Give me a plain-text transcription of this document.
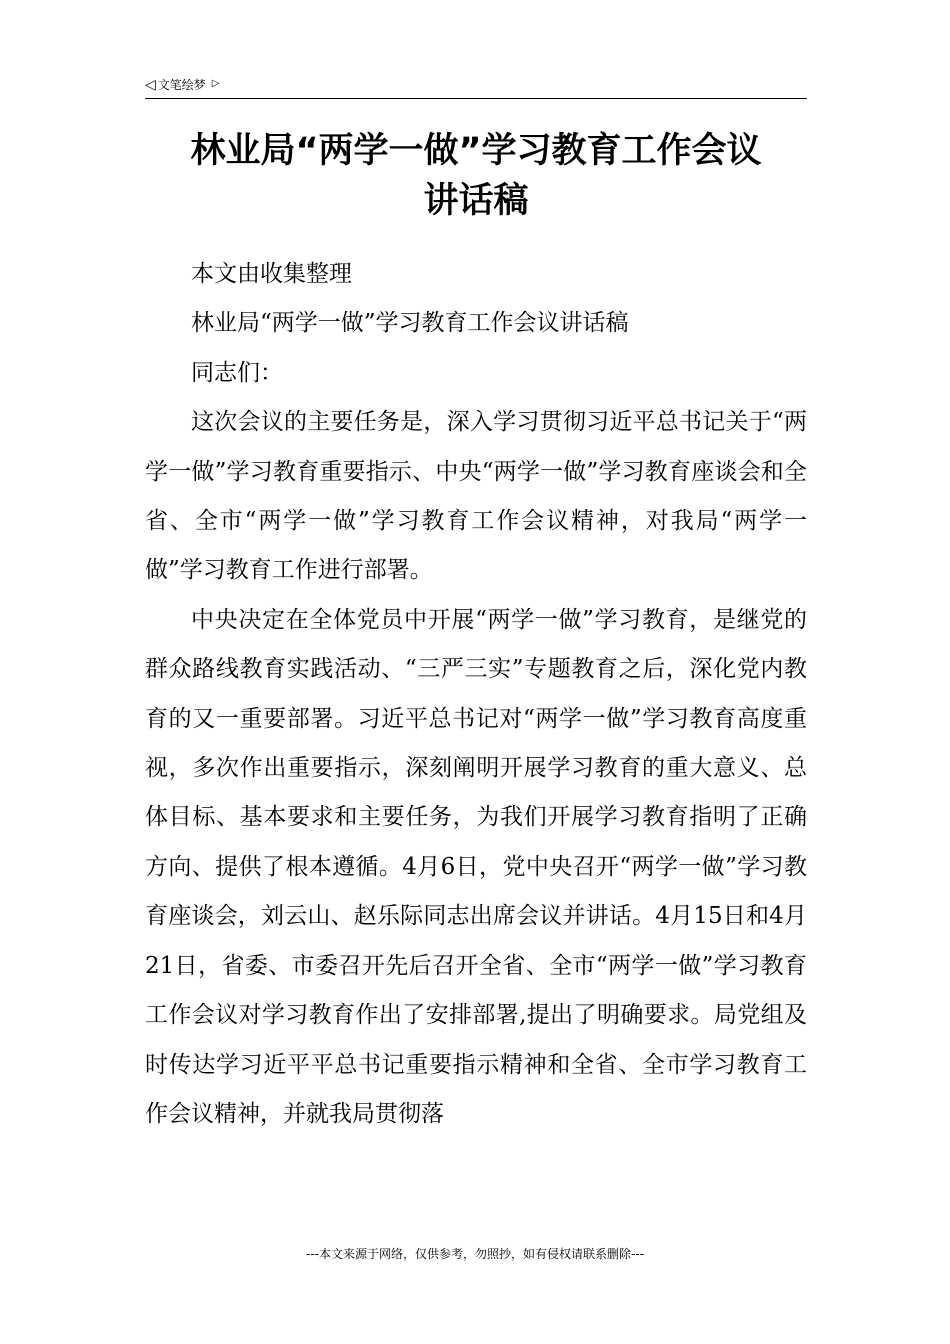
◁ 文笔绘梦 ▷
林业局“两学一做”学习教育工作会议
讲话稿

本文由收集整理

林业局“两学一做”学习教育工作会议讲话稿

同志们：

这次会议的主要任务是，深入学习贯彻习近平总书记关于“两学一做”学习教育重要指示、中央“两学一做”学习教育座谈会和全省、全市“两学一做”学习教育工作会议精神，对我局“两学一做”学习教育工作进行部署。

中央决定在全体党员中开展“两学一做”学习教育，是继党的群众路线教育实践活动、“三严三实”专题教育之后，深化党内教育的又一重要部署。习近平总书记对“两学一做”学习教育高度重视，多次作出重要指示，深刻阐明开展学习教育的重大意义、总体目标、基本要求和主要任务，为我们开展学习教育指明了正确方向、提供了根本遵循。4月6日，党中央召开“两学一做”学习教育座谈会，刘云山、赵乐际同志出席会议并讲话。4月15日和4月21日，省委、市委召开先后召开全省、全市“两学一做”学习教育工作会议对学习教育作出了安排部署,提出了明确要求。局党组及时传达学习近平平总书记重要指示精神和全省、全市学习教育工作会议精神，并就我局贯彻落

---本文来源于网络，仅供参考，勿照抄，如有侵权请联系删除---
